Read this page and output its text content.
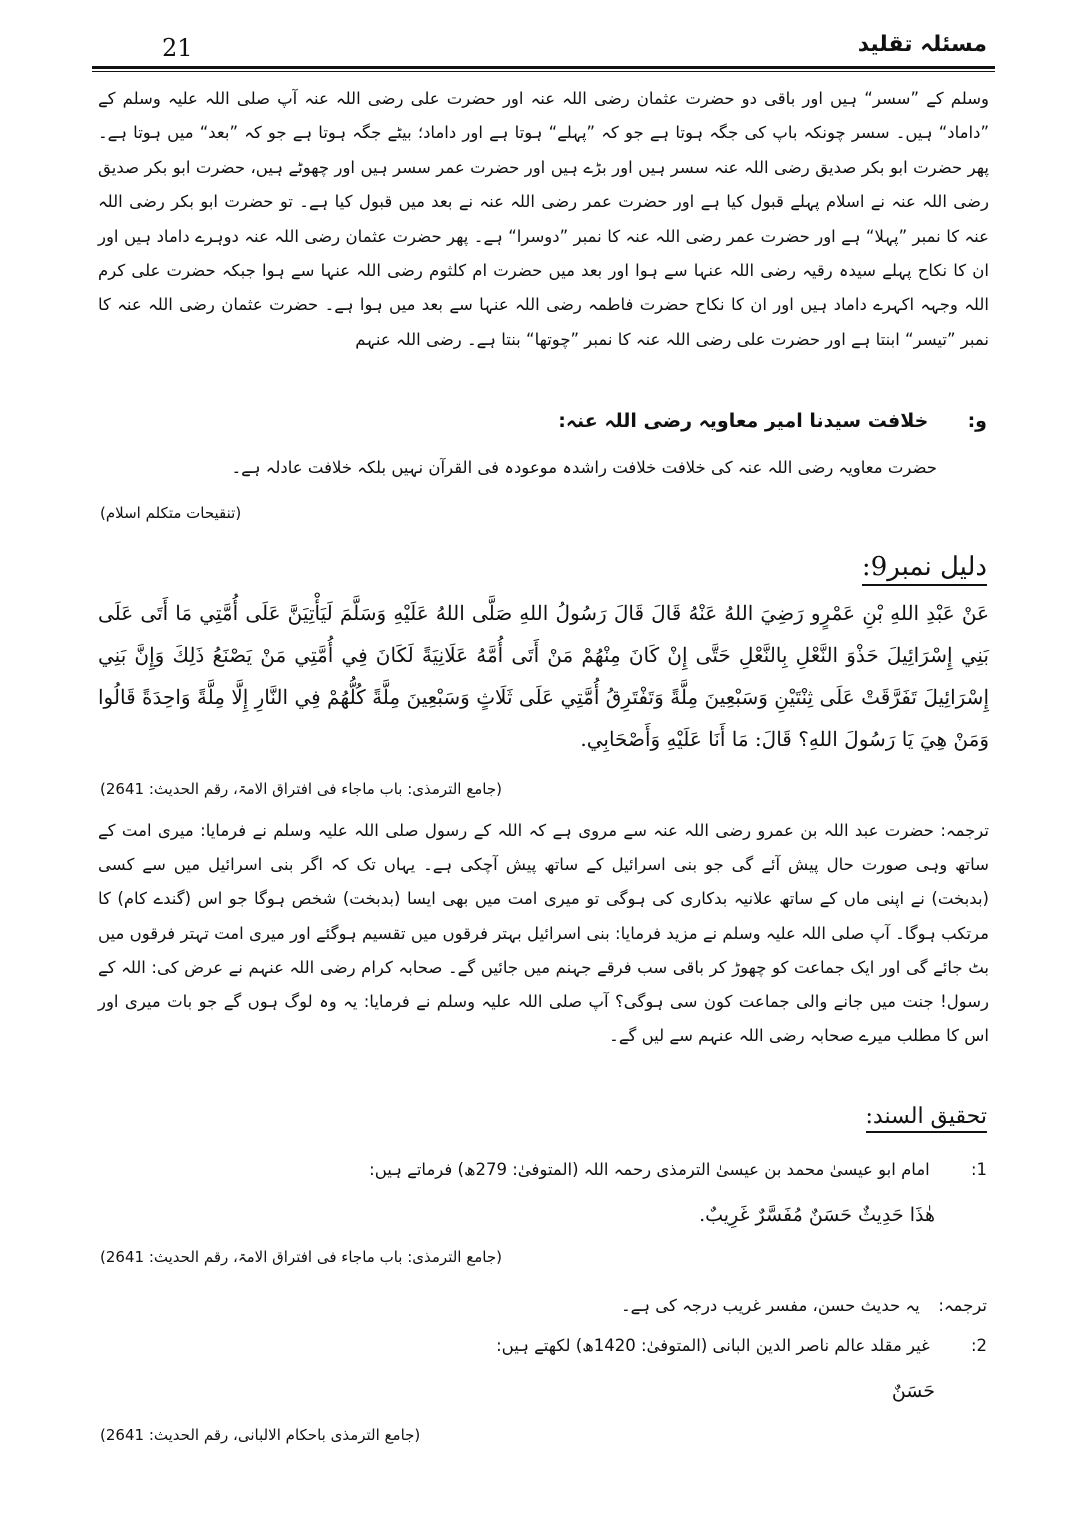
مسئلہ تقلید
21
وسلم کے ”سسر“ ہیں اور باقی دو حضرت عثمان رضی اللہ عنہ اور حضرت علی رضی اللہ عنہ آپ صلی اللہ علیہ وسلم کے ”داماد“ ہیں۔ سسر چونکہ باپ کی جگہ ہوتا ہے جو کہ ”پہلے“ ہوتا ہے اور داماد؛ بیٹے جگہ ہوتا ہے جو کہ ”بعد“ میں ہوتا ہے۔ پھر حضرت ابو بکر صدیق رضی اللہ عنہ سسر ہیں اور بڑے ہیں اور حضرت عمر سسر ہیں اور چھوٹے ہیں، حضرت ابو بکر صدیق رضی اللہ عنہ نے اسلام پہلے قبول کیا ہے اور حضرت عمر رضی اللہ عنہ نے بعد میں قبول کیا ہے۔ تو حضرت ابو بکر رضی اللہ عنہ کا نمبر ”پہلا“ ہے اور حضرت عمر رضی اللہ عنہ کا نمبر ”دوسرا“ ہے۔ پھر حضرت عثمان رضی اللہ عنہ دوہرے داماد ہیں اور ان کا نکاح پہلے سیدہ رقیہ رضی اللہ عنہا سے ہوا اور بعد میں حضرت ام کلثوم رضی اللہ عنہا سے ہوا جبکہ حضرت علی کرم اللہ وجہہ اکہرے داماد ہیں اور ان کا نکاح حضرت فاطمہ رضی اللہ عنہا سے بعد میں ہوا ہے۔ حضرت عثمان رضی اللہ عنہ کا نمبر ”تیسر“ ابنتا ہے اور حضرت علی رضی اللہ عنہ کا نمبر ”چوتھا“ بنتا ہے۔ رضی اللہ عنہم
و: خلافت سیدنا امیر معاویہ رضی اللہ عنہ:
حضرت معاویہ رضی اللہ عنہ کی خلافت خلافت راشدہ موعودہ فی القرآن نہیں بلکہ خلافت عادلہ ہے۔
(تنقیحات متکلم اسلام)
دلیل نمبر9:
عَنْ عَبْدِ اللهِ بْنِ عَمْرٍو رَضِيَ اللهُ عَنْهُ قَالَ قَالَ رَسُولُ اللهِ صَلَّى اللهُ عَلَيْهِ وَسَلَّمَ لَيَأْتِيَنَّ عَلَى أُمَّتِي مَا أَتَى عَلَى بَنِي إِسْرَائِيلَ حَذْوَ النَّعْلِ بِالنَّعْلِ حَتَّى إِنْ كَانَ مِنْهُمْ مَنْ أَتَى أُمَّهُ عَلَانِيَةً لَكَانَ فِي أُمَّتِي مَنْ يَصْنَعُ ذَلِكَ وَإِنَّ بَنِي إِسْرَائِيلَ تَفَرَّقَتْ عَلَى ثِنْتَيْنِ وَسَبْعِينَ مِلَّةً وَتَفْتَرِقُ أُمَّتِي عَلَى ثَلَاثٍ وَسَبْعِينَ مِلَّةً كُلُّهُمْ فِي النَّارِ إِلَّا مِلَّةً وَاحِدَةً قَالُوا وَمَنْ هِيَ يَا رَسُولَ اللهِ؟ قَالَ: مَا أَنَا عَلَيْهِ وَأَصْحَابِي.
(جامع الترمذی: باب ماجاء فی افتراق الامۃ، رقم الحدیث: 2641)
ترجمہ: حضرت عبد اللہ بن عمرو رضی اللہ عنہ سے مروی ہے کہ اللہ کے رسول صلی اللہ علیہ وسلم نے فرمایا: میری امت کے ساتھ وہی صورت حال پیش آئے گی جو بنی اسرائیل کے ساتھ پیش آچکی ہے۔ یہاں تک کہ اگر بنی اسرائیل میں سے کسی (بدبخت) نے اپنی ماں کے ساتھ علانیہ بدکاری کی ہوگی تو میری امت میں بھی ایسا (بدبخت) شخص ہوگا جو اس (گندے کام) کا مرتکب ہوگا۔ آپ صلی اللہ علیہ وسلم نے مزید فرمایا: بنی اسرائیل بہتر فرقوں میں تقسیم ہوگئے اور میری امت تہتر فرقوں میں بٹ جائے گی اور ایک جماعت کو چھوڑ کر باقی سب فرقے جہنم میں جائیں گے۔ صحابہ کرام رضی اللہ عنہم نے عرض کی: اللہ کے رسول! جنت میں جانے والی جماعت کون سی ہوگی؟ آپ صلی اللہ علیہ وسلم نے فرمایا: یہ وہ لوگ ہوں گے جو بات میری اور اس کا مطلب میرے صحابہ رضی اللہ عنہم سے لیں گے۔
تحقیق السند:
1: امام ابو عیسیٰ محمد بن عیسیٰ الترمذی رحمہ اللہ (المتوفیٰ: 279ھ) فرماتے ہیں:
هٰذَا حَدِيثٌ حَسَنٌ مُفَسَّرٌ غَرِيبٌ.
(جامع الترمذی: باب ماجاء فی افتراق الامۃ، رقم الحدیث: 2641)
ترجمہ: یہ حدیث حسن، مفسر غریب درجہ کی ہے۔
2: غیر مقلد عالم ناصر الدین البانی (المتوفیٰ: 1420ھ) لکھتے ہیں:
حَسَنٌ
(جامع الترمذی باحکام الالبانی، رقم الحدیث: 2641)
